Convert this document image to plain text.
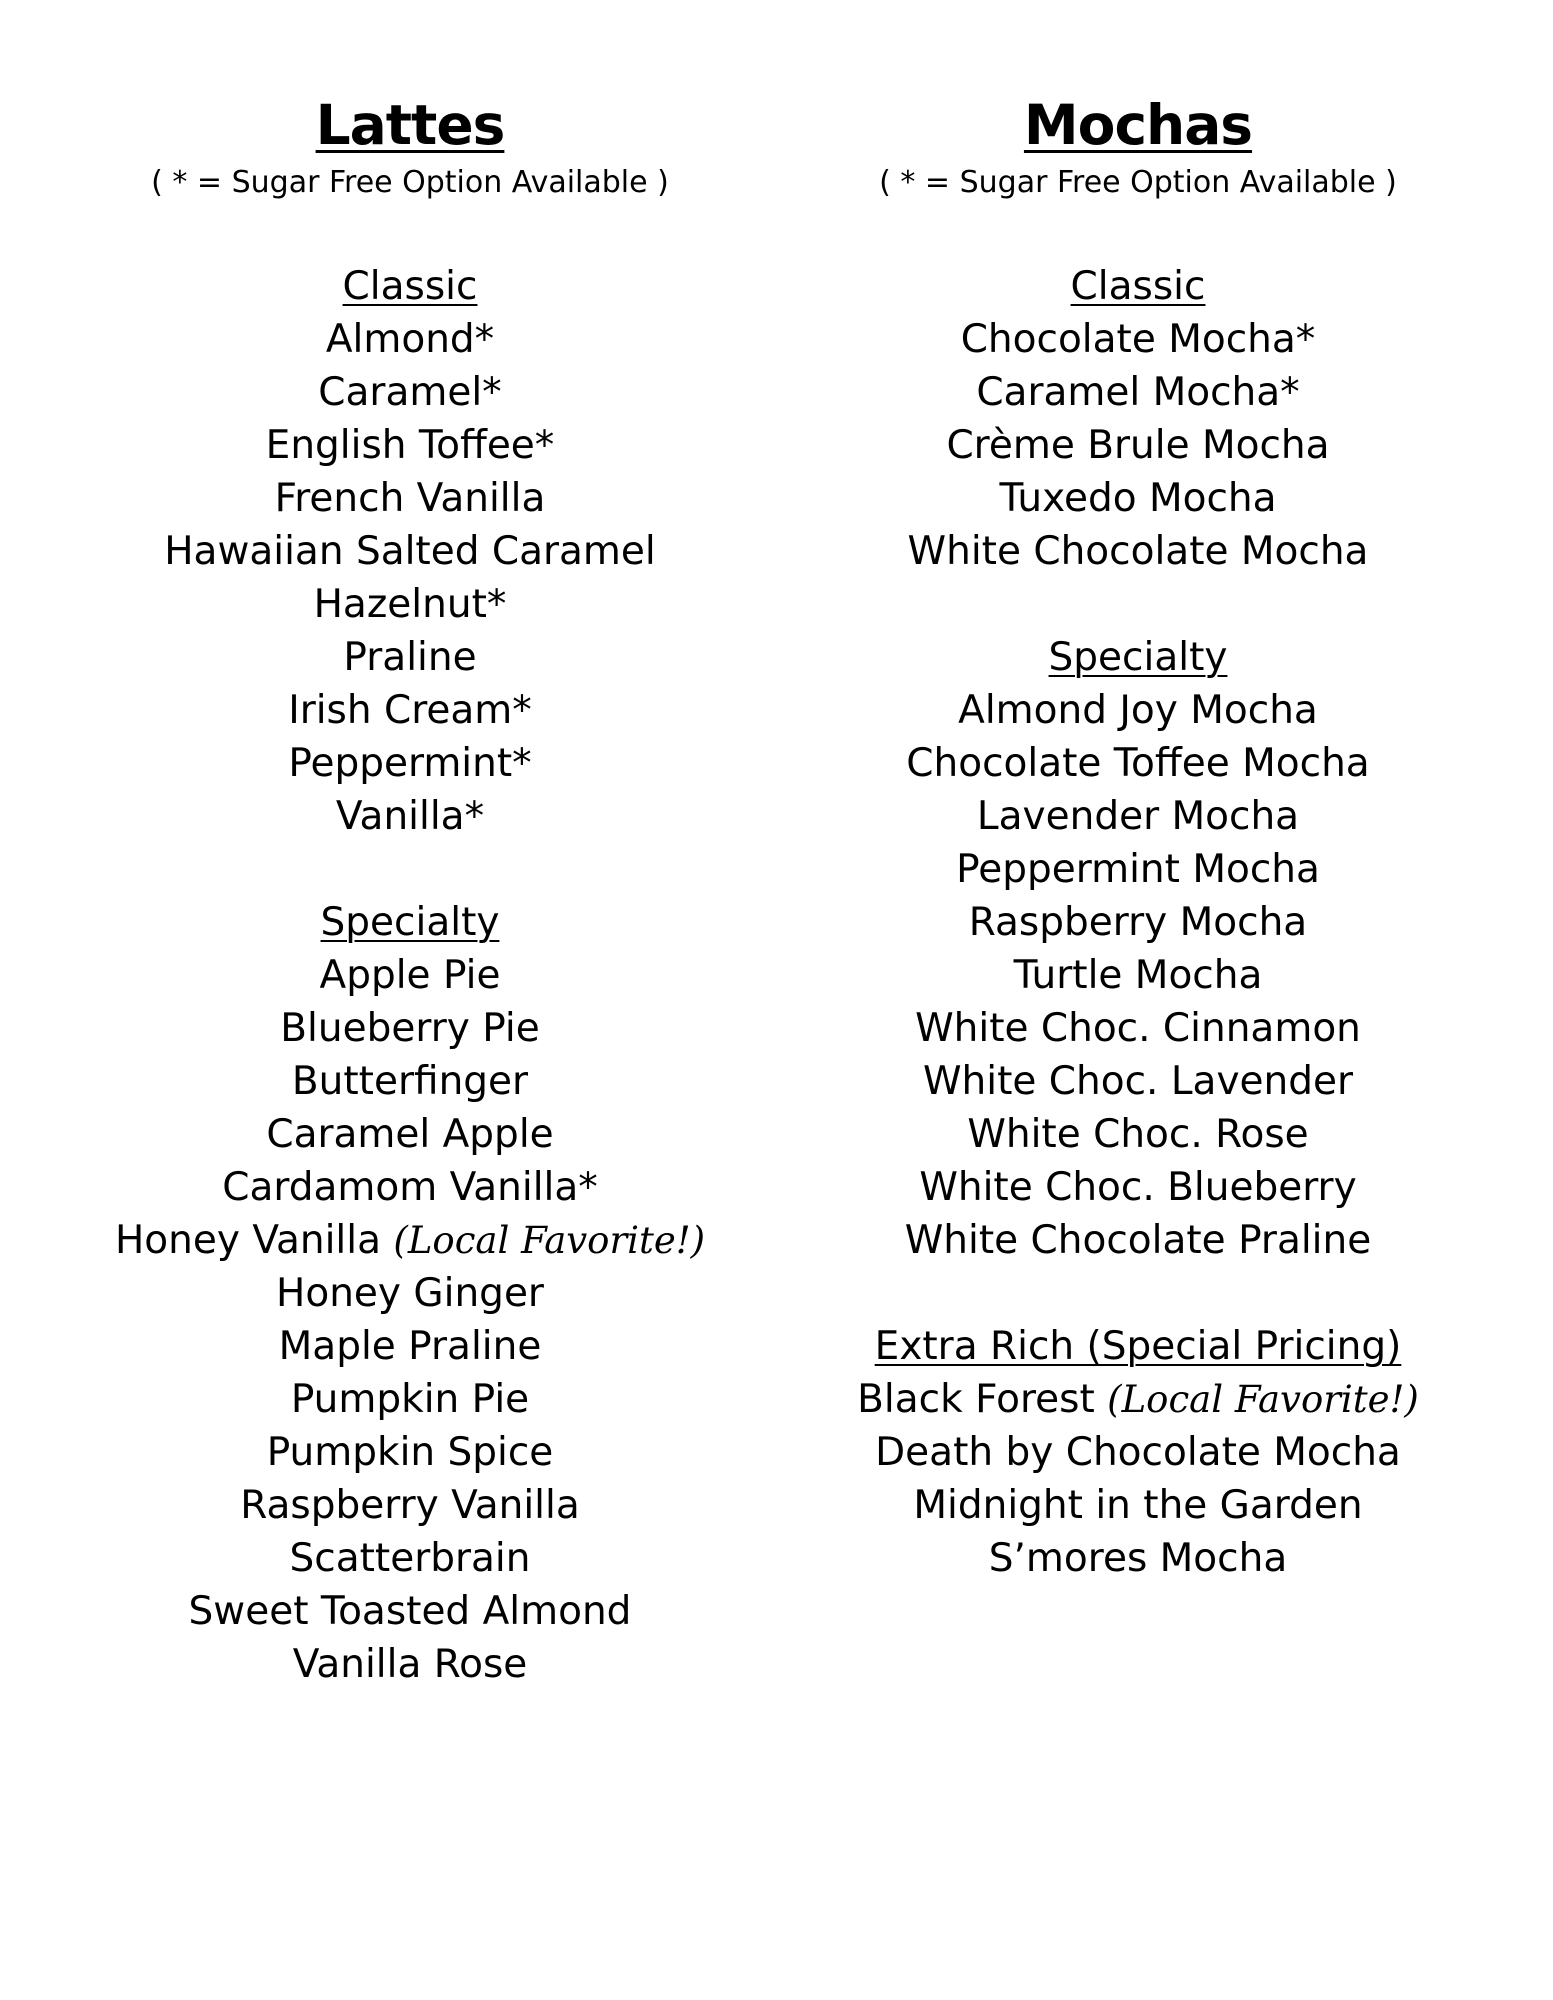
Lattes
( * = Sugar Free Option Available )
Classic
Almond*
Caramel*
English Toffee*
French Vanilla
Hawaiian Salted Caramel
Hazelnut*
Praline
Irish Cream*
Peppermint*
Vanilla*
Specialty
Apple Pie
Blueberry Pie
Butterfinger
Caramel Apple
Cardamom Vanilla*
Honey Vanilla (Local Favorite!)
Honey Ginger
Maple Praline
Pumpkin Pie
Pumpkin Spice
Raspberry Vanilla
Scatterbrain
Sweet Toasted Almond
Vanilla Rose
Mochas
( * = Sugar Free Option Available )
Classic
Chocolate Mocha*
Caramel Mocha*
Crème Brule Mocha
Tuxedo Mocha
White Chocolate Mocha
Specialty
Almond Joy Mocha
Chocolate Toffee Mocha
Lavender Mocha
Peppermint Mocha
Raspberry Mocha
Turtle Mocha
White Choc. Cinnamon
White Choc. Lavender
White Choc. Rose
White Choc. Blueberry
White Chocolate Praline
Extra Rich (Special Pricing)
Black Forest (Local Favorite!)
Death by Chocolate Mocha
Midnight in the Garden
S’mores Mocha
